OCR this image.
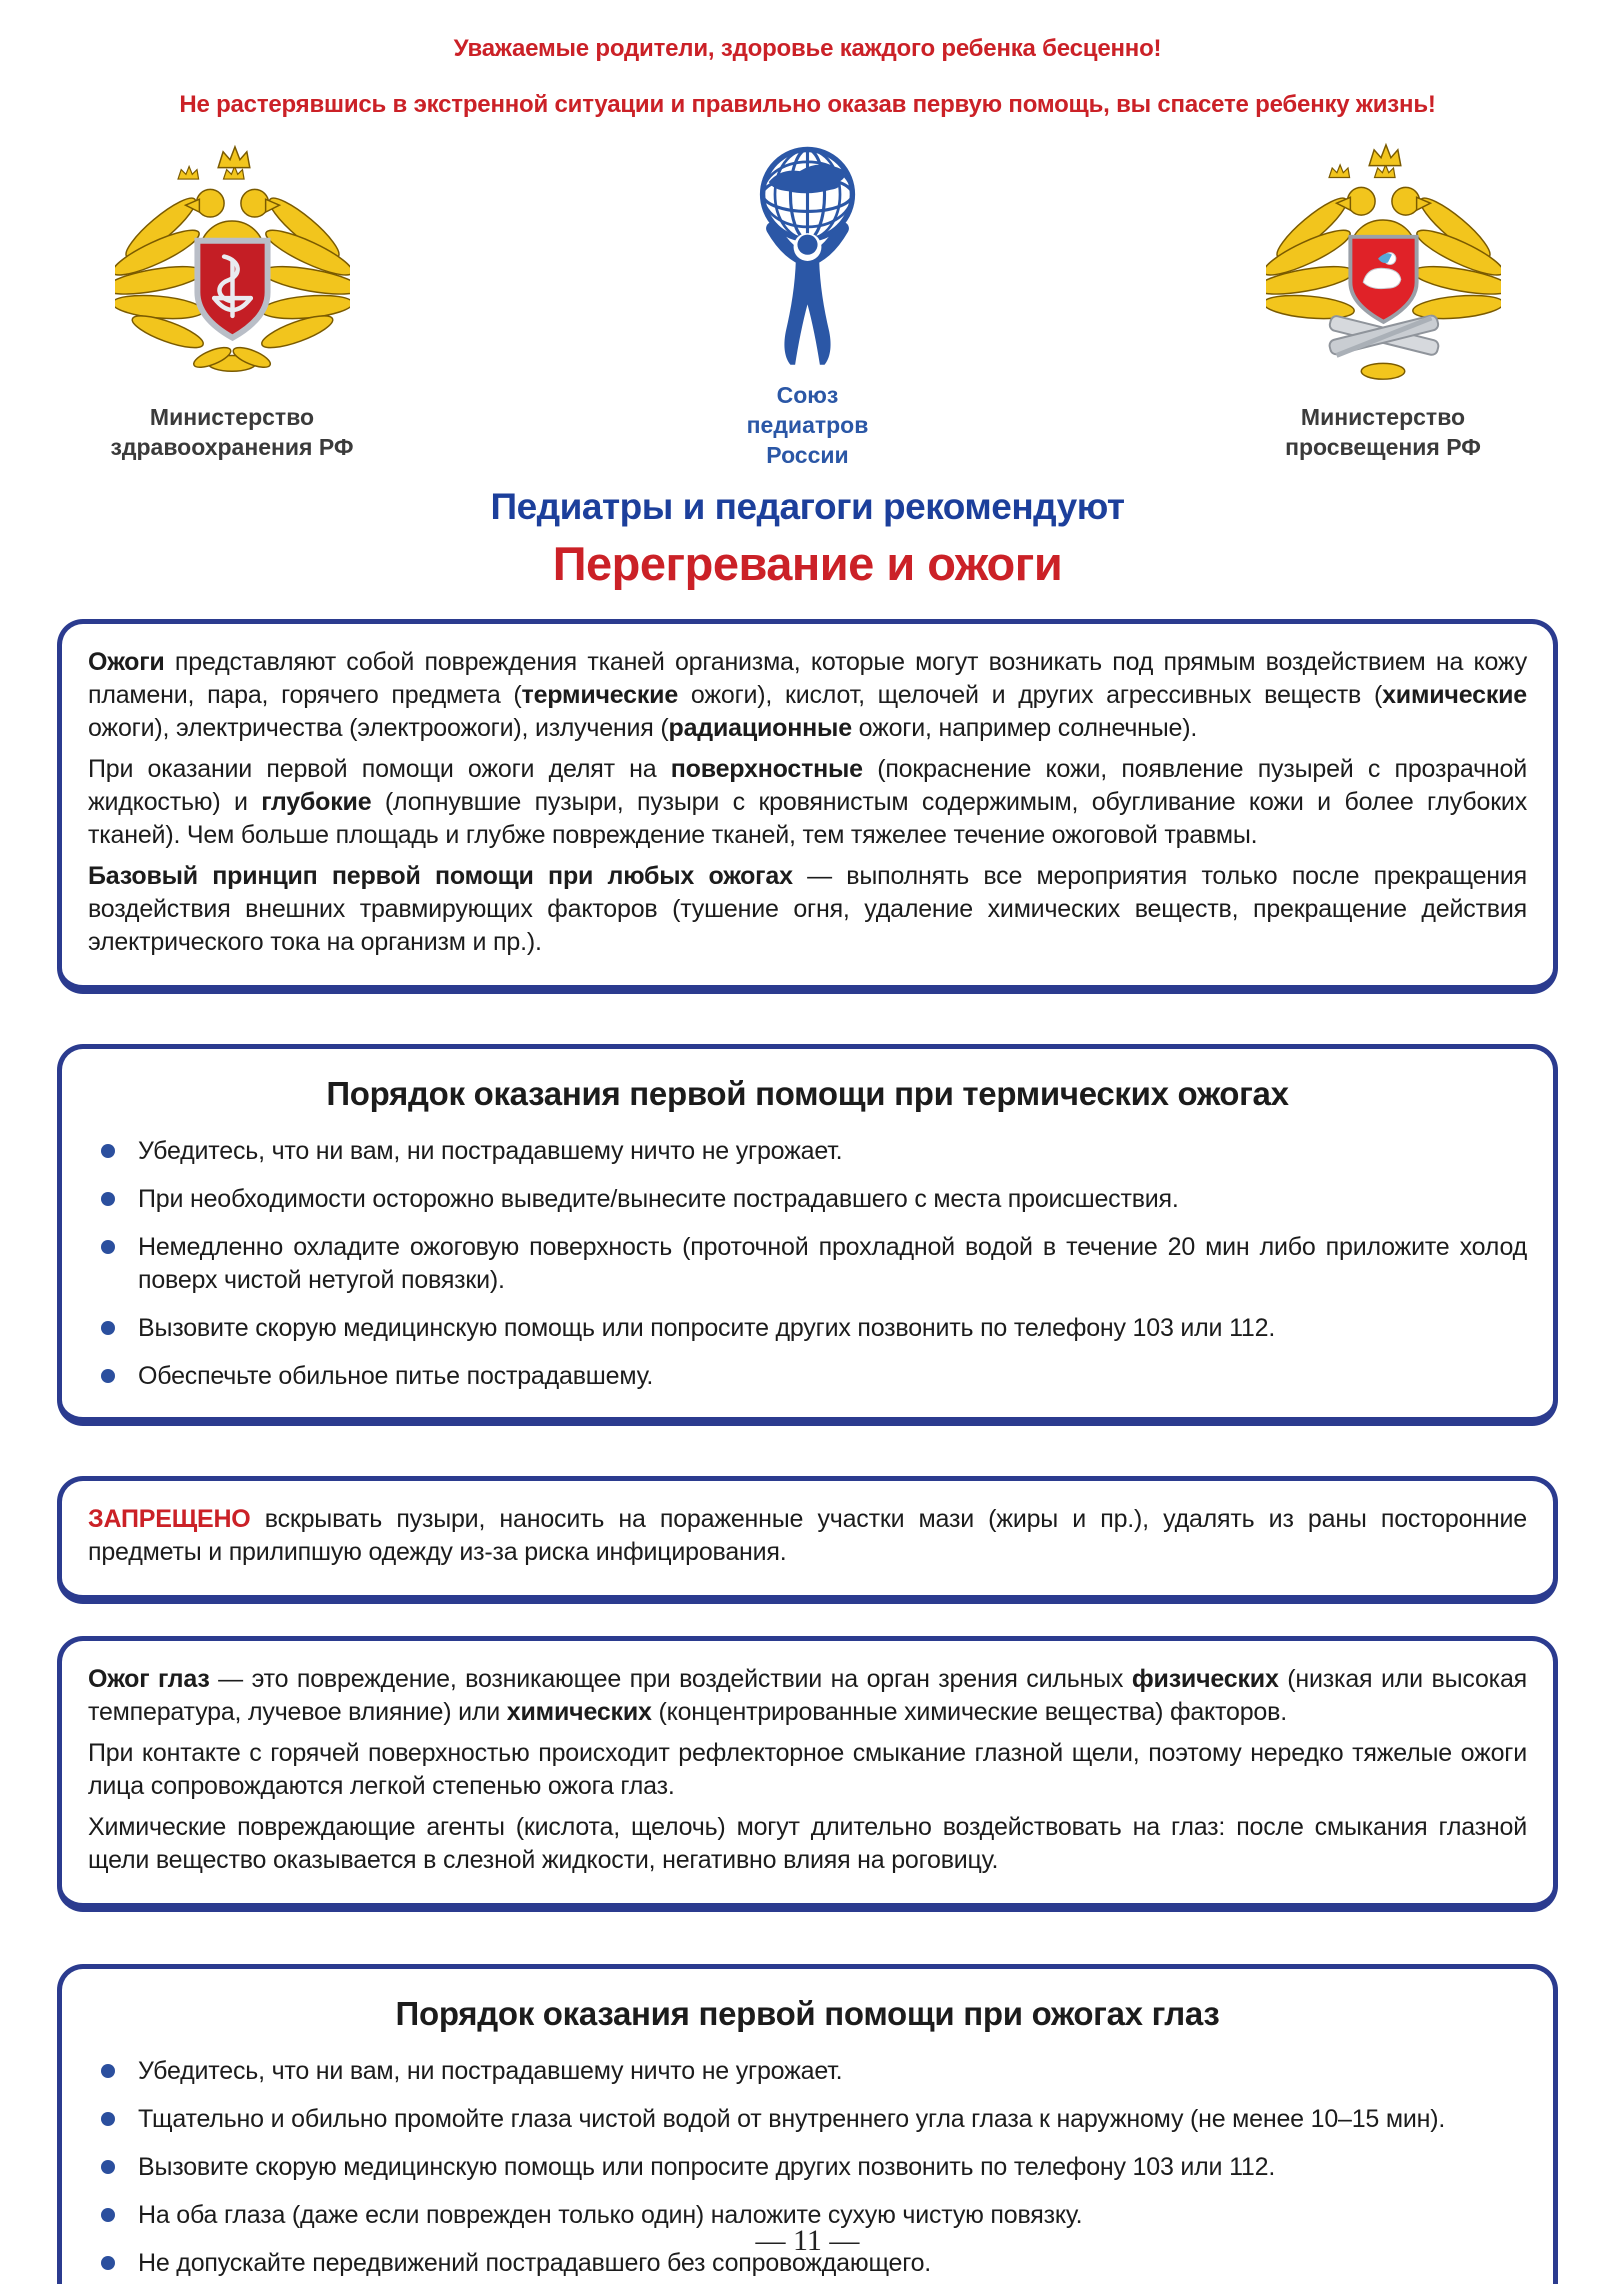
Уважаемые родители, здоровье каждого ребенка бесценно!
Не растерявшись в экстренной ситуации и правильно оказав первую помощь, вы спасете ребенку жизнь!
Министерство
здравоохранения РФ
Союз
педиатров
России
Министерство
просвещения РФ
Педиатры и педагоги рекомендуют
Перегревание и ожоги

Ожоги представляют собой повреждения тканей организма, которые могут возникать под прямым воздействием на кожу пламени, пара, горячего предмета (термические ожоги), кислот, щелочей и других агрессивных веществ (химические ожоги), электричества (электроожоги), излучения (радиационные ожоги, например солнечные).

При оказании первой помощи ожоги делят на поверхностные (покраснение кожи, появление пузырей с прозрачной жидкостью) и глубокие (лопнувшие пузыри, пузыри с кровянистым содержимым, обугливание кожи и более глубоких тканей). Чем больше площадь и глубже повреждение тканей, тем тяжелее течение ожоговой травмы.

Базовый принцип первой помощи при любых ожогах — выполнять все мероприятия только после прекращения воздействия внешних травмирующих факторов (тушение огня, удаление химических веществ, прекращение действия электрического тока на организм и пр.).

Порядок оказания первой помощи при термических ожогах
Убедитесь, что ни вам, ни пострадавшему ничто не угрожает.
При необходимости осторожно выведите/вынесите пострадавшего с места происшествия.
Немедленно охладите ожоговую поверхность (проточной прохладной водой в течение 20 мин либо приложите холод поверх чистой нетугой повязки).
Вызовите скорую медицинскую помощь или попросите других позвонить по телефону 103 или 112.
Обеспечьте обильное питье пострадавшему.

ЗАПРЕЩЕНО вскрывать пузыри, наносить на пораженные участки мази (жиры и пр.), удалять из раны посторонние предметы и прилипшую одежду из-за риска инфицирования.

Ожог глаз — это повреждение, возникающее при воздействии на орган зрения сильных физических (низкая или высокая температура, лучевое влияние) или химических (концентрированные химические вещества) факторов.

При контакте с горячей поверхностью происходит рефлекторное смыкание глазной щели, поэтому нередко тяжелые ожоги лица сопровождаются легкой степенью ожога глаз.

Химические повреждающие агенты (кислота, щелочь) могут длительно воздействовать на глаз: после смыкания глазной щели вещество оказывается в слезной жидкости, негативно влияя на роговицу.

Порядок оказания первой помощи при ожогах глаз
Убедитесь, что ни вам, ни пострадавшему ничто не угрожает.
Тщательно и обильно промойте глаза чистой водой от внутреннего угла глаза к наружному (не менее 10–15 мин).
Вызовите скорую медицинскую помощь или попросите других позвонить по телефону 103 или 112.
На оба глаза (даже если поврежден только один) наложите сухую чистую повязку.
Не допускайте передвижений пострадавшего без сопровождающего.
— 11 —
